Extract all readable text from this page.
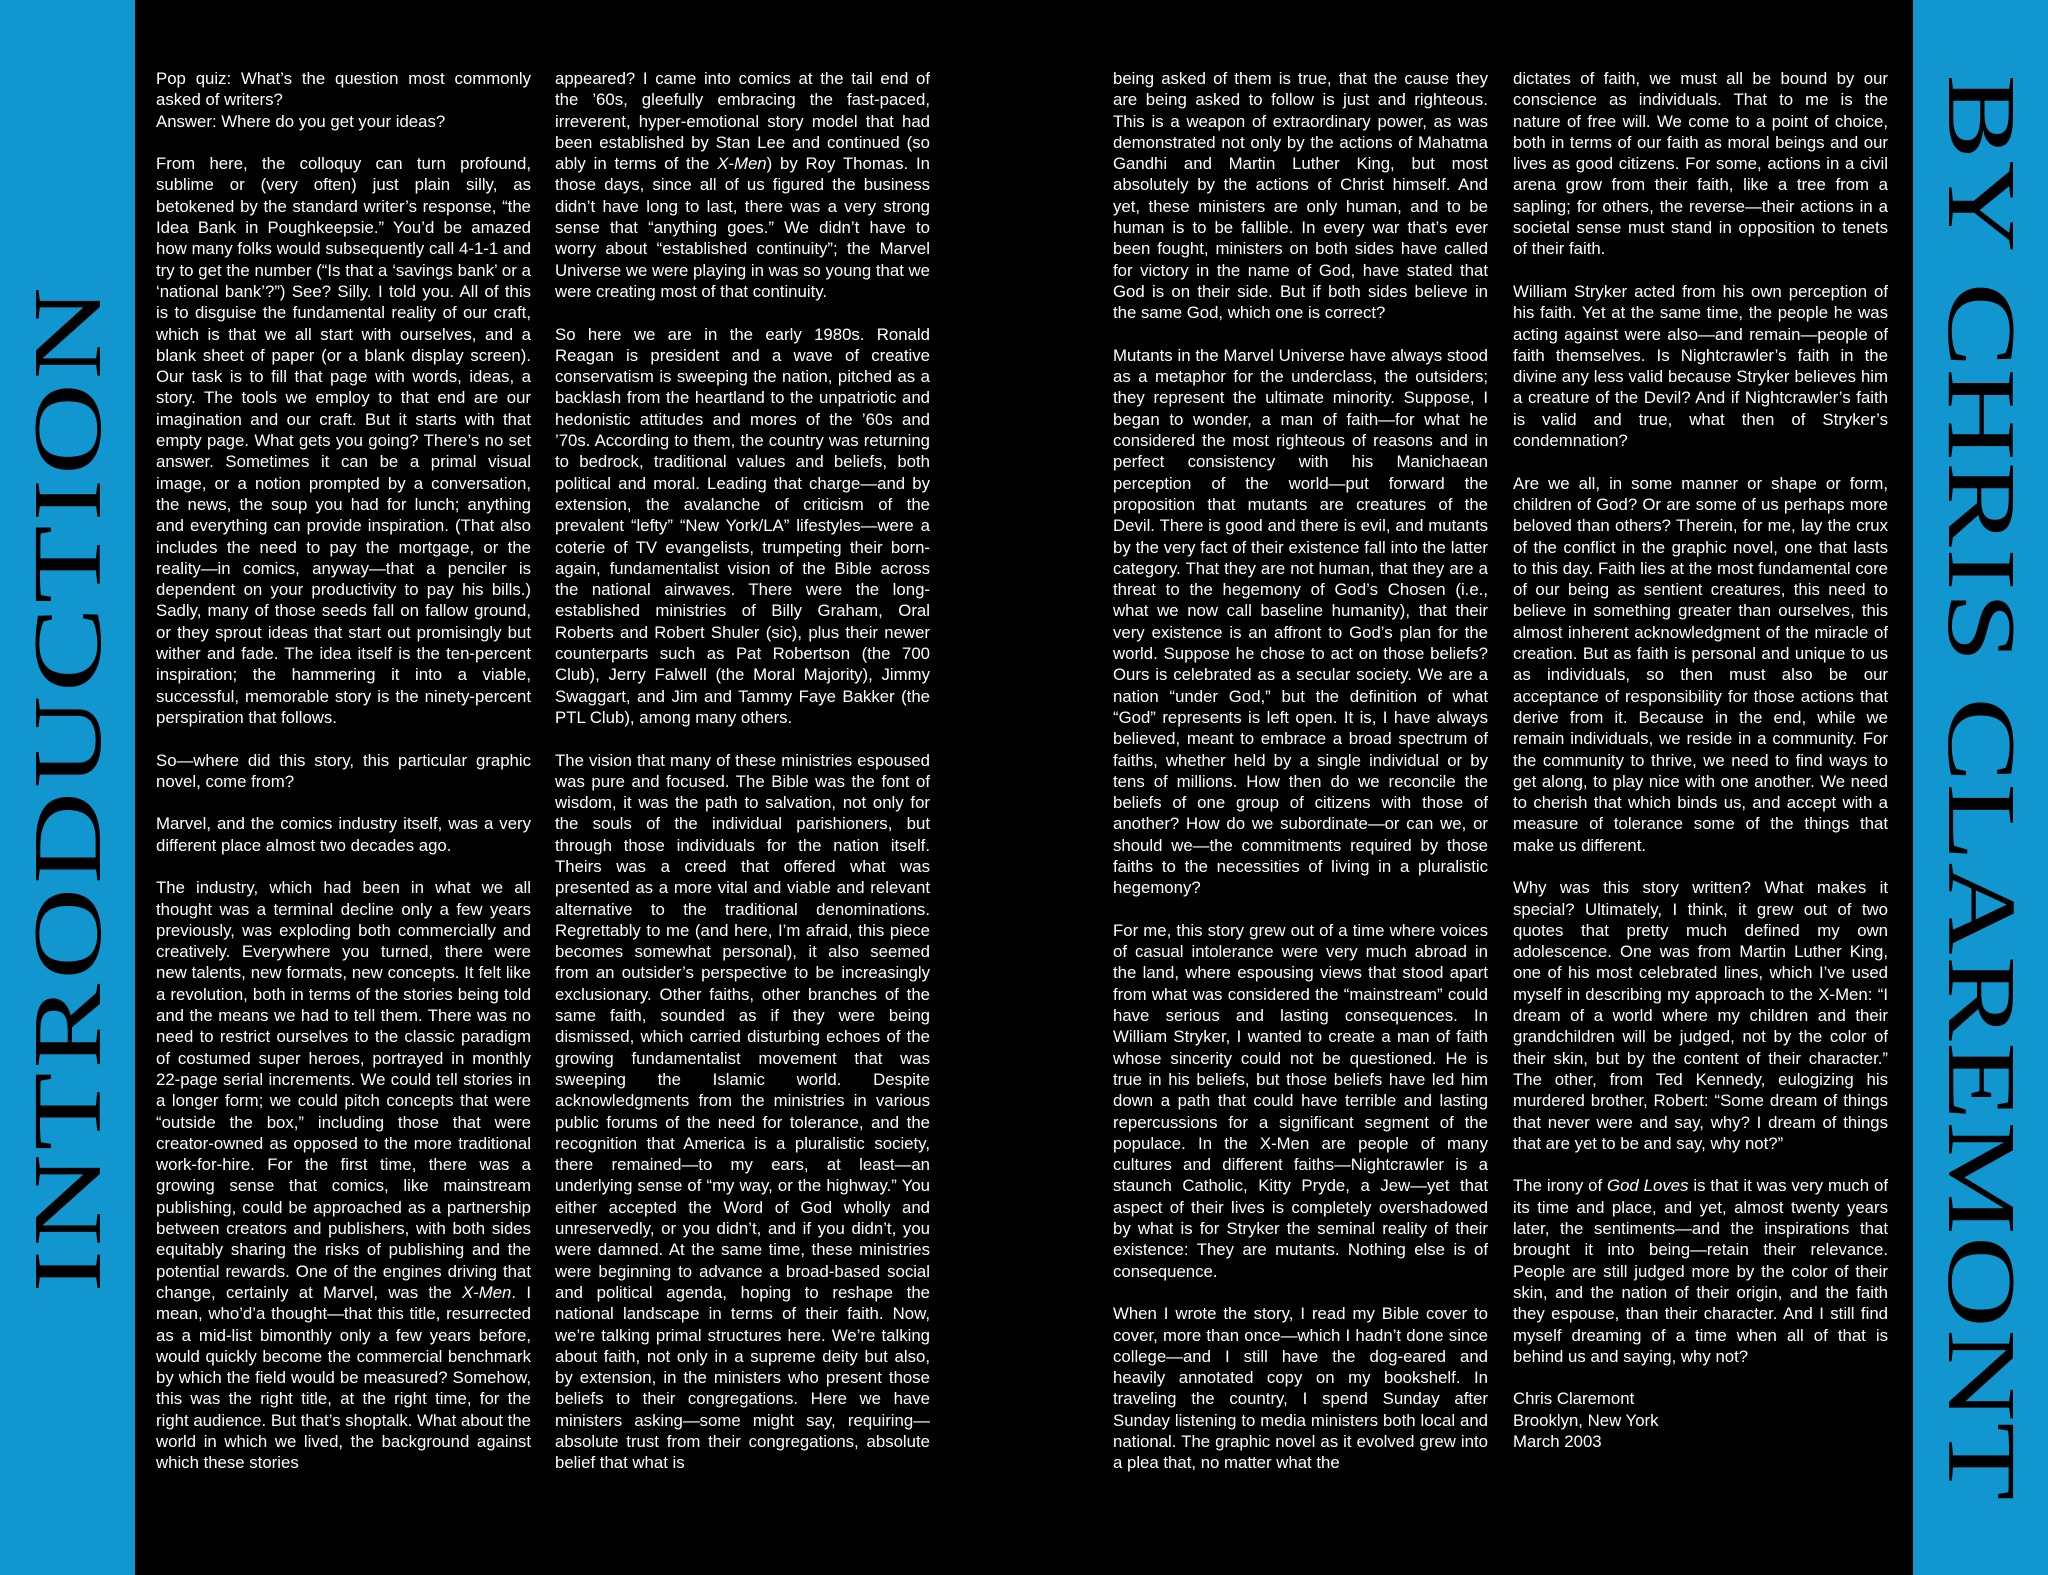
INTRODUCTION	BY CHRIS CLAREMONT

Pop quiz: What’s the question most commonly asked of writers?

Answer: Where do you get your ideas?

From here, the colloquy can turn profound, sublime or (very often) just plain silly, as betokened by the standard writer’s response, “the Idea Bank in Poughkeepsie.” You’d be amazed how many folks would subsequently call 4-1-1 and try to get the number (“Is that a ‘savings bank’ or a ‘national bank’?”) See? Silly. I told you. All of this is to disguise the fundamental reality of our craft, which is that we all start with ourselves, and a blank sheet of paper (or a blank display screen). Our task is to fill that page with words, ideas, a story. The tools we employ to that end are our imagination and our craft. But it starts with that empty page. What gets you going? There’s no set answer. Sometimes it can be a primal visual image, or a notion prompted by a conversation, the news, the soup you had for lunch; anything and everything can provide inspiration. (That also includes the need to pay the mortgage, or the reality—in comics, anyway—that a penciler is dependent on your productivity to pay his bills.) Sadly, many of those seeds fall on fallow ground, or they sprout ideas that start out promisingly but wither and fade. The idea itself is the ten-percent inspiration; the hammering it into a viable, successful, memorable story is the ninety-percent perspiration that follows.

So—where did this story, this particular graphic novel, come from?

Marvel, and the comics industry itself, was a very different place almost two decades ago.

The industry, which had been in what we all thought was a terminal decline only a few years previously, was exploding both commercially and creatively. Everywhere you turned, there were new talents, new formats, new concepts. It felt like a revolution, both in terms of the stories being told and the means we had to tell them. There was no need to restrict ourselves to the classic paradigm of costumed super heroes, portrayed in monthly 22-page serial increments. We could tell stories in a longer form; we could pitch concepts that were “outside the box,” including those that were creator-owned as opposed to the more traditional work-for-hire. For the first time, there was a growing sense that comics, like mainstream publishing, could be approached as a partnership between creators and publishers, with both sides equitably sharing the risks of publishing and the potential rewards. One of the engines driving that change, certainly at Marvel, was the X-Men. I mean, who’d’a thought—that this title, resurrected as a mid-list bimonthly only a few years before, would quickly become the commercial benchmark by which the field would be measured? Somehow, this was the right title, at the right time, for the right audience. But that’s shoptalk. What about the world in which we lived, the background against which these stories

appeared? I came into comics at the tail end of the ’60s, gleefully embracing the fast-paced, irreverent, hyper-emotional story model that had been established by Stan Lee and continued (so ably in terms of the X-Men) by Roy Thomas. In those days, since all of us figured the business didn’t have long to last, there was a very strong sense that “anything goes.” We didn’t have to worry about “established continuity”; the Marvel Universe we were playing in was so young that we were creating most of that continuity.

So here we are in the early 1980s. Ronald Reagan is president and a wave of creative conservatism is sweeping the nation, pitched as a backlash from the heartland to the unpatriotic and hedonistic attitudes and mores of the ’60s and ’70s. According to them, the country was returning to bedrock, traditional values and beliefs, both political and moral. Leading that charge—and by extension, the avalanche of criticism of the prevalent “lefty” “New York/LA” lifestyles—were a coterie of TV evangelists, trumpeting their born-again, fundamentalist vision of the Bible across the national airwaves. There were the long-established ministries of Billy Graham, Oral Roberts and Robert Shuler (sic), plus their newer counterparts such as Pat Robertson (the 700 Club), Jerry Falwell (the Moral Majority), Jimmy Swaggart, and Jim and Tammy Faye Bakker (the PTL Club), among many others.

The vision that many of these ministries espoused was pure and focused. The Bible was the font of wisdom, it was the path to salvation, not only for the souls of the individual parishioners, but through those individuals for the nation itself. Theirs was a creed that offered what was presented as a more vital and viable and relevant alternative to the traditional denominations. Regrettably to me (and here, I’m afraid, this piece becomes somewhat personal), it also seemed from an outsider’s perspective to be increasingly exclusionary. Other faiths, other branches of the same faith, sounded as if they were being dismissed, which carried disturbing echoes of the growing fundamentalist movement that was sweeping the Islamic world. Despite acknowledgments from the ministries in various public forums of the need for tolerance, and the recognition that America is a pluralistic society, there remained—to my ears, at least—an underlying sense of “my way, or the highway.” You either accepted the Word of God wholly and unreservedly, or you didn’t, and if you didn’t, you were damned. At the same time, these ministries were beginning to advance a broad-based social and political agenda, hoping to reshape the national landscape in terms of their faith. Now, we’re talking primal structures here. We’re talking about faith, not only in a supreme deity but also, by extension, in the ministers who present those beliefs to their congregations. Here we have ministers asking—some might say, requiring—absolute trust from their congregations, absolute belief that what is

being asked of them is true, that the cause they are being asked to follow is just and righteous. This is a weapon of extraordinary power, as was demonstrated not only by the actions of Mahatma Gandhi and Martin Luther King, but most absolutely by the actions of Christ himself. And yet, these ministers are only human, and to be human is to be fallible. In every war that’s ever been fought, ministers on both sides have called for victory in the name of God, have stated that God is on their side. But if both sides believe in the same God, which one is correct?

Mutants in the Marvel Universe have always stood as a metaphor for the underclass, the outsiders; they represent the ultimate minority. Suppose, I began to wonder, a man of faith—for what he considered the most righteous of reasons and in perfect consistency with his Manichaean perception of the world—put forward the proposition that mutants are creatures of the Devil. There is good and there is evil, and mutants by the very fact of their existence fall into the latter category. That they are not human, that they are a threat to the hegemony of God’s Chosen (i.e., what we now call baseline humanity), that their very existence is an affront to God’s plan for the world. Suppose he chose to act on those beliefs? Ours is celebrated as a secular society. We are a nation “under God,” but the definition of what “God” represents is left open. It is, I have always believed, meant to embrace a broad spectrum of faiths, whether held by a single individual or by tens of millions. How then do we reconcile the beliefs of one group of citizens with those of another? How do we subordinate—or can we, or should we—the commitments required by those faiths to the necessities of living in a pluralistic hegemony?

For me, this story grew out of a time where voices of casual intolerance were very much abroad in the land, where espousing views that stood apart from what was considered the “mainstream” could have serious and lasting consequences. In William Stryker, I wanted to create a man of faith whose sincerity could not be questioned. He is true in his beliefs, but those beliefs have led him down a path that could have terrible and lasting repercussions for a significant segment of the populace. In the X-Men are people of many cultures and different faiths—Nightcrawler is a staunch Catholic, Kitty Pryde, a Jew—yet that aspect of their lives is completely overshadowed by what is for Stryker the seminal reality of their existence: They are mutants. Nothing else is of consequence.

When I wrote the story, I read my Bible cover to cover, more than once—which I hadn’t done since college—and I still have the dog-eared and heavily annotated copy on my bookshelf. In traveling the country, I spend Sunday after Sunday listening to media ministers both local and national. The graphic novel as it evolved grew into a plea that, no matter what the

dictates of faith, we must all be bound by our conscience as individuals. That to me is the nature of free will. We come to a point of choice, both in terms of our faith as moral beings and our lives as good citizens. For some, actions in a civil arena grow from their faith, like a tree from a sapling; for others, the reverse—their actions in a societal sense must stand in opposition to tenets of their faith.

William Stryker acted from his own perception of his faith. Yet at the same time, the people he was acting against were also—and remain—people of faith themselves. Is Nightcrawler’s faith in the divine any less valid because Stryker believes him a creature of the Devil? And if Nightcrawler’s faith is valid and true, what then of Stryker’s condemnation?

Are we all, in some manner or shape or form, children of God? Or are some of us perhaps more beloved than others? Therein, for me, lay the crux of the conflict in the graphic novel, one that lasts to this day. Faith lies at the most fundamental core of our being as sentient creatures, this need to believe in something greater than ourselves, this almost inherent acknowledgment of the miracle of creation. But as faith is personal and unique to us as individuals, so then must also be our acceptance of responsibility for those actions that derive from it. Because in the end, while we remain individuals, we reside in a community. For the community to thrive, we need to find ways to get along, to play nice with one another. We need to cherish that which binds us, and accept with a measure of tolerance some of the things that make us different.

Why was this story written? What makes it special? Ultimately, I think, it grew out of two quotes that pretty much defined my own adolescence. One was from Martin Luther King, one of his most celebrated lines, which I’ve used myself in describing my approach to the X-Men: “I dream of a world where my children and their grandchildren will be judged, not by the color of their skin, but by the content of their character.” The other, from Ted Kennedy, eulogizing his murdered brother, Robert: “Some dream of things that never were and say, why? I dream of things that are yet to be and say, why not?”

The irony of God Loves is that it was very much of its time and place, and yet, almost twenty years later, the sentiments—and the inspirations that brought it into being—retain their relevance. People are still judged more by the color of their skin, and the nation of their origin, and the faith they espouse, than their character. And I still find myself dreaming of a time when all of that is behind us and saying, why not?

Chris Claremont

Brooklyn, New York

March 2003
